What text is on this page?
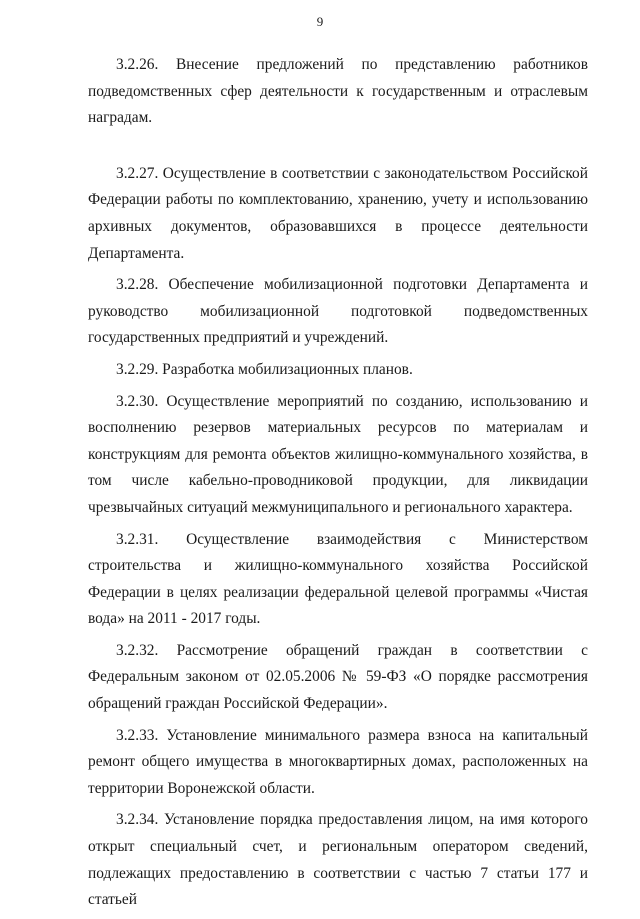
9

3.2.26. Внесение предложений по представлению работников подведомственных сфер деятельности к государственным и отраслевым наградам.

3.2.27. Осуществление в соответствии с законодательством Российской Федерации работы по комплектованию, хранению, учету и использованию архивных документов, образовавшихся в процессе деятельности Департамента.

3.2.28. Обеспечение мобилизационной подготовки Департамента и руководство мобилизационной подготовкой подведомственных государственных предприятий и учреждений.

3.2.29. Разработка мобилизационных планов.

3.2.30. Осуществление мероприятий по созданию, использованию и восполнению резервов материальных ресурсов по материалам и конструкциям для ремонта объектов жилищно-коммунального хозяйства, в том числе кабельно-проводниковой продукции, для ликвидации чрезвычайных ситуаций межмуниципального и регионального характера.

3.2.31. Осуществление взаимодействия с Министерством строительства и жилищно-коммунального хозяйства Российской Федерации в целях реализации федеральной целевой программы «Чистая вода» на 2011 - 2017 годы.

3.2.32. Рассмотрение обращений граждан в соответствии с Федеральным законом от 02.05.2006 № 59-ФЗ «О порядке рассмотрения обращений граждан Российской Федерации».

3.2.33. Установление минимального размера взноса на капитальный ремонт общего имущества в многоквартирных домах, расположенных на территории Воронежской области.

3.2.34. Установление порядка предоставления лицом, на имя которого открыт специальный счет, и региональным оператором сведений, подлежащих предоставлению в соответствии с частью 7 статьи 177 и статьей
